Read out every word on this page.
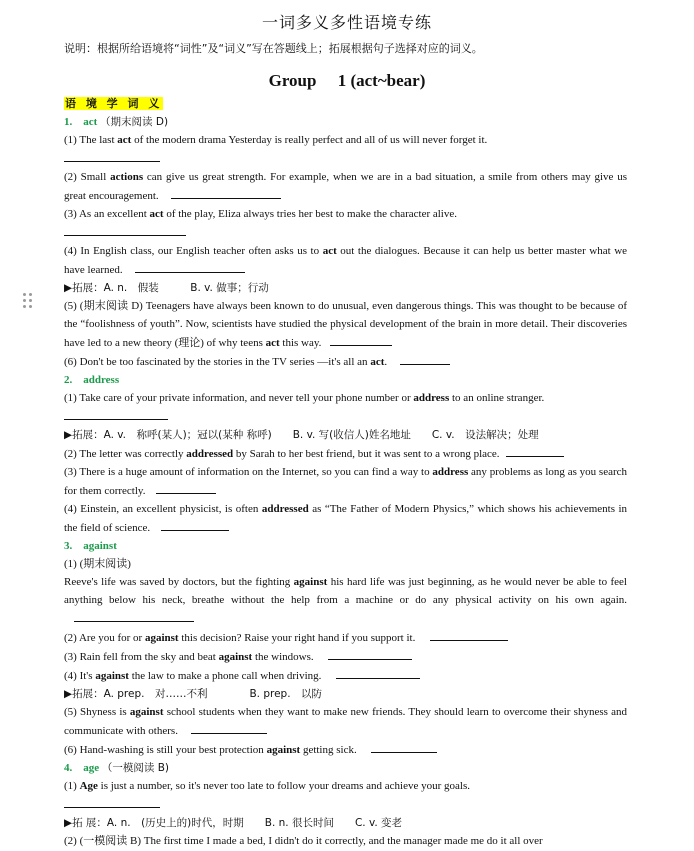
一词多义多性语境专练
说明：根据所给语境将“词性”及“词义”写在答题线上；拓展根据句子选择对应的词义。
Group　 1 (act~bear)
语 境 学 词 义
1.　act （期末阅读 D)
(1) The last act of the modern drama Yesterday is really perfect and all of us will never forget it.
(2) Small actions can give us great strength. For example, when we are in a bad situation, a smile from others may give us great encouragement.
(3) As an excellent act of the play, Eliza always tries her best to make the character alive.
(4) In English class, our English teacher often asks us to act out the dialogues. Because it can help us better master what we have learned.
▶拓展：A. n.　假装　　　B. v. 做事；行动
(5) (期末阅读 D) Teenagers have always been known to do unusual, even dangerous things. This was thought to be because of the “foolishness of youth”. Now, scientists have studied the physical development of the brain in more detail. Their discoveries have led to a new theory (理论) of why teens act this way.
(6) Don't be too fascinated by the stories in the TV series —it's all an act.
2.　address
(1) Take care of your private information, and never tell your phone number or address to an online stranger.
▶拓展：A. v.　称呼(某人)；冠以(某种 称呼)　　B. v. 写(收信人)姓名地址　　C. v.　设法解决；处理
(2) The letter was correctly addressed by Sarah to her best friend, but it was sent to a wrong place.
(3) There is a huge amount of information on the Internet, so you can find a way to address any problems as long as you search for them correctly.
(4) Einstein, an excellent physicist, is often addressed as “The Father of Modern Physics,” which shows his achievements in the field of science.
3.　against
(1) (期末阅读)
Reeve's life was saved by doctors, but the fighting against his hard life was just beginning, as he would never be able to feel anything below his neck, breathe without the help from a machine or do any physical activity on his own again.
(2) Are you for or against this decision? Raise your right hand if you support it.
(3) Rain fell from the sky and beat against the windows.
(4) It's against the law to make a phone call when driving.
▶拓展：A. prep.　对……不利　　　　B. prep.　以防
(5) Shyness is against school students when they want to make new friends. They should learn to overcome their shyness and communicate with others.
(6) Hand-washing is still your best protection against getting sick.
4.　age （一模阅读 B)
(1) Age is just a number, so it's never too late to follow your dreams and achieve your goals.
▶拓 展：A. n.　(历史上的)时代，时期　　B. n. 很长时间　　C. v. 变老
(2) (一模阅读 B) The first time I made a bed, I didn't do it correctly, and the manager made me do it all over
